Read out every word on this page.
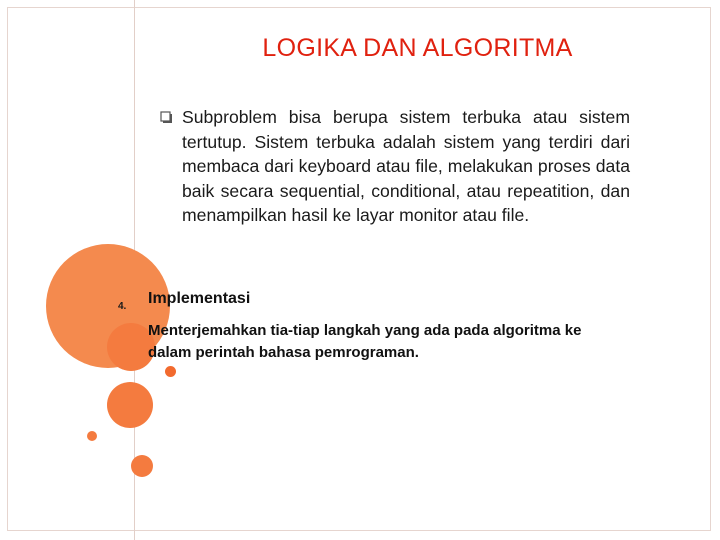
LOGIKA DAN ALGORITMA

Subproblem bisa berupa sistem terbuka atau sistem tertutup. Sistem terbuka adalah sistem yang terdiri dari membaca dari keyboard atau file, melakukan proses data baik secara sequential, conditional, atau repeatition, dan menampilkan hasil ke layar monitor atau file.

4. Implementasi

Menterjemahkan tia-tiap langkah yang ada pada algoritma ke dalam perintah bahasa pemrograman.
